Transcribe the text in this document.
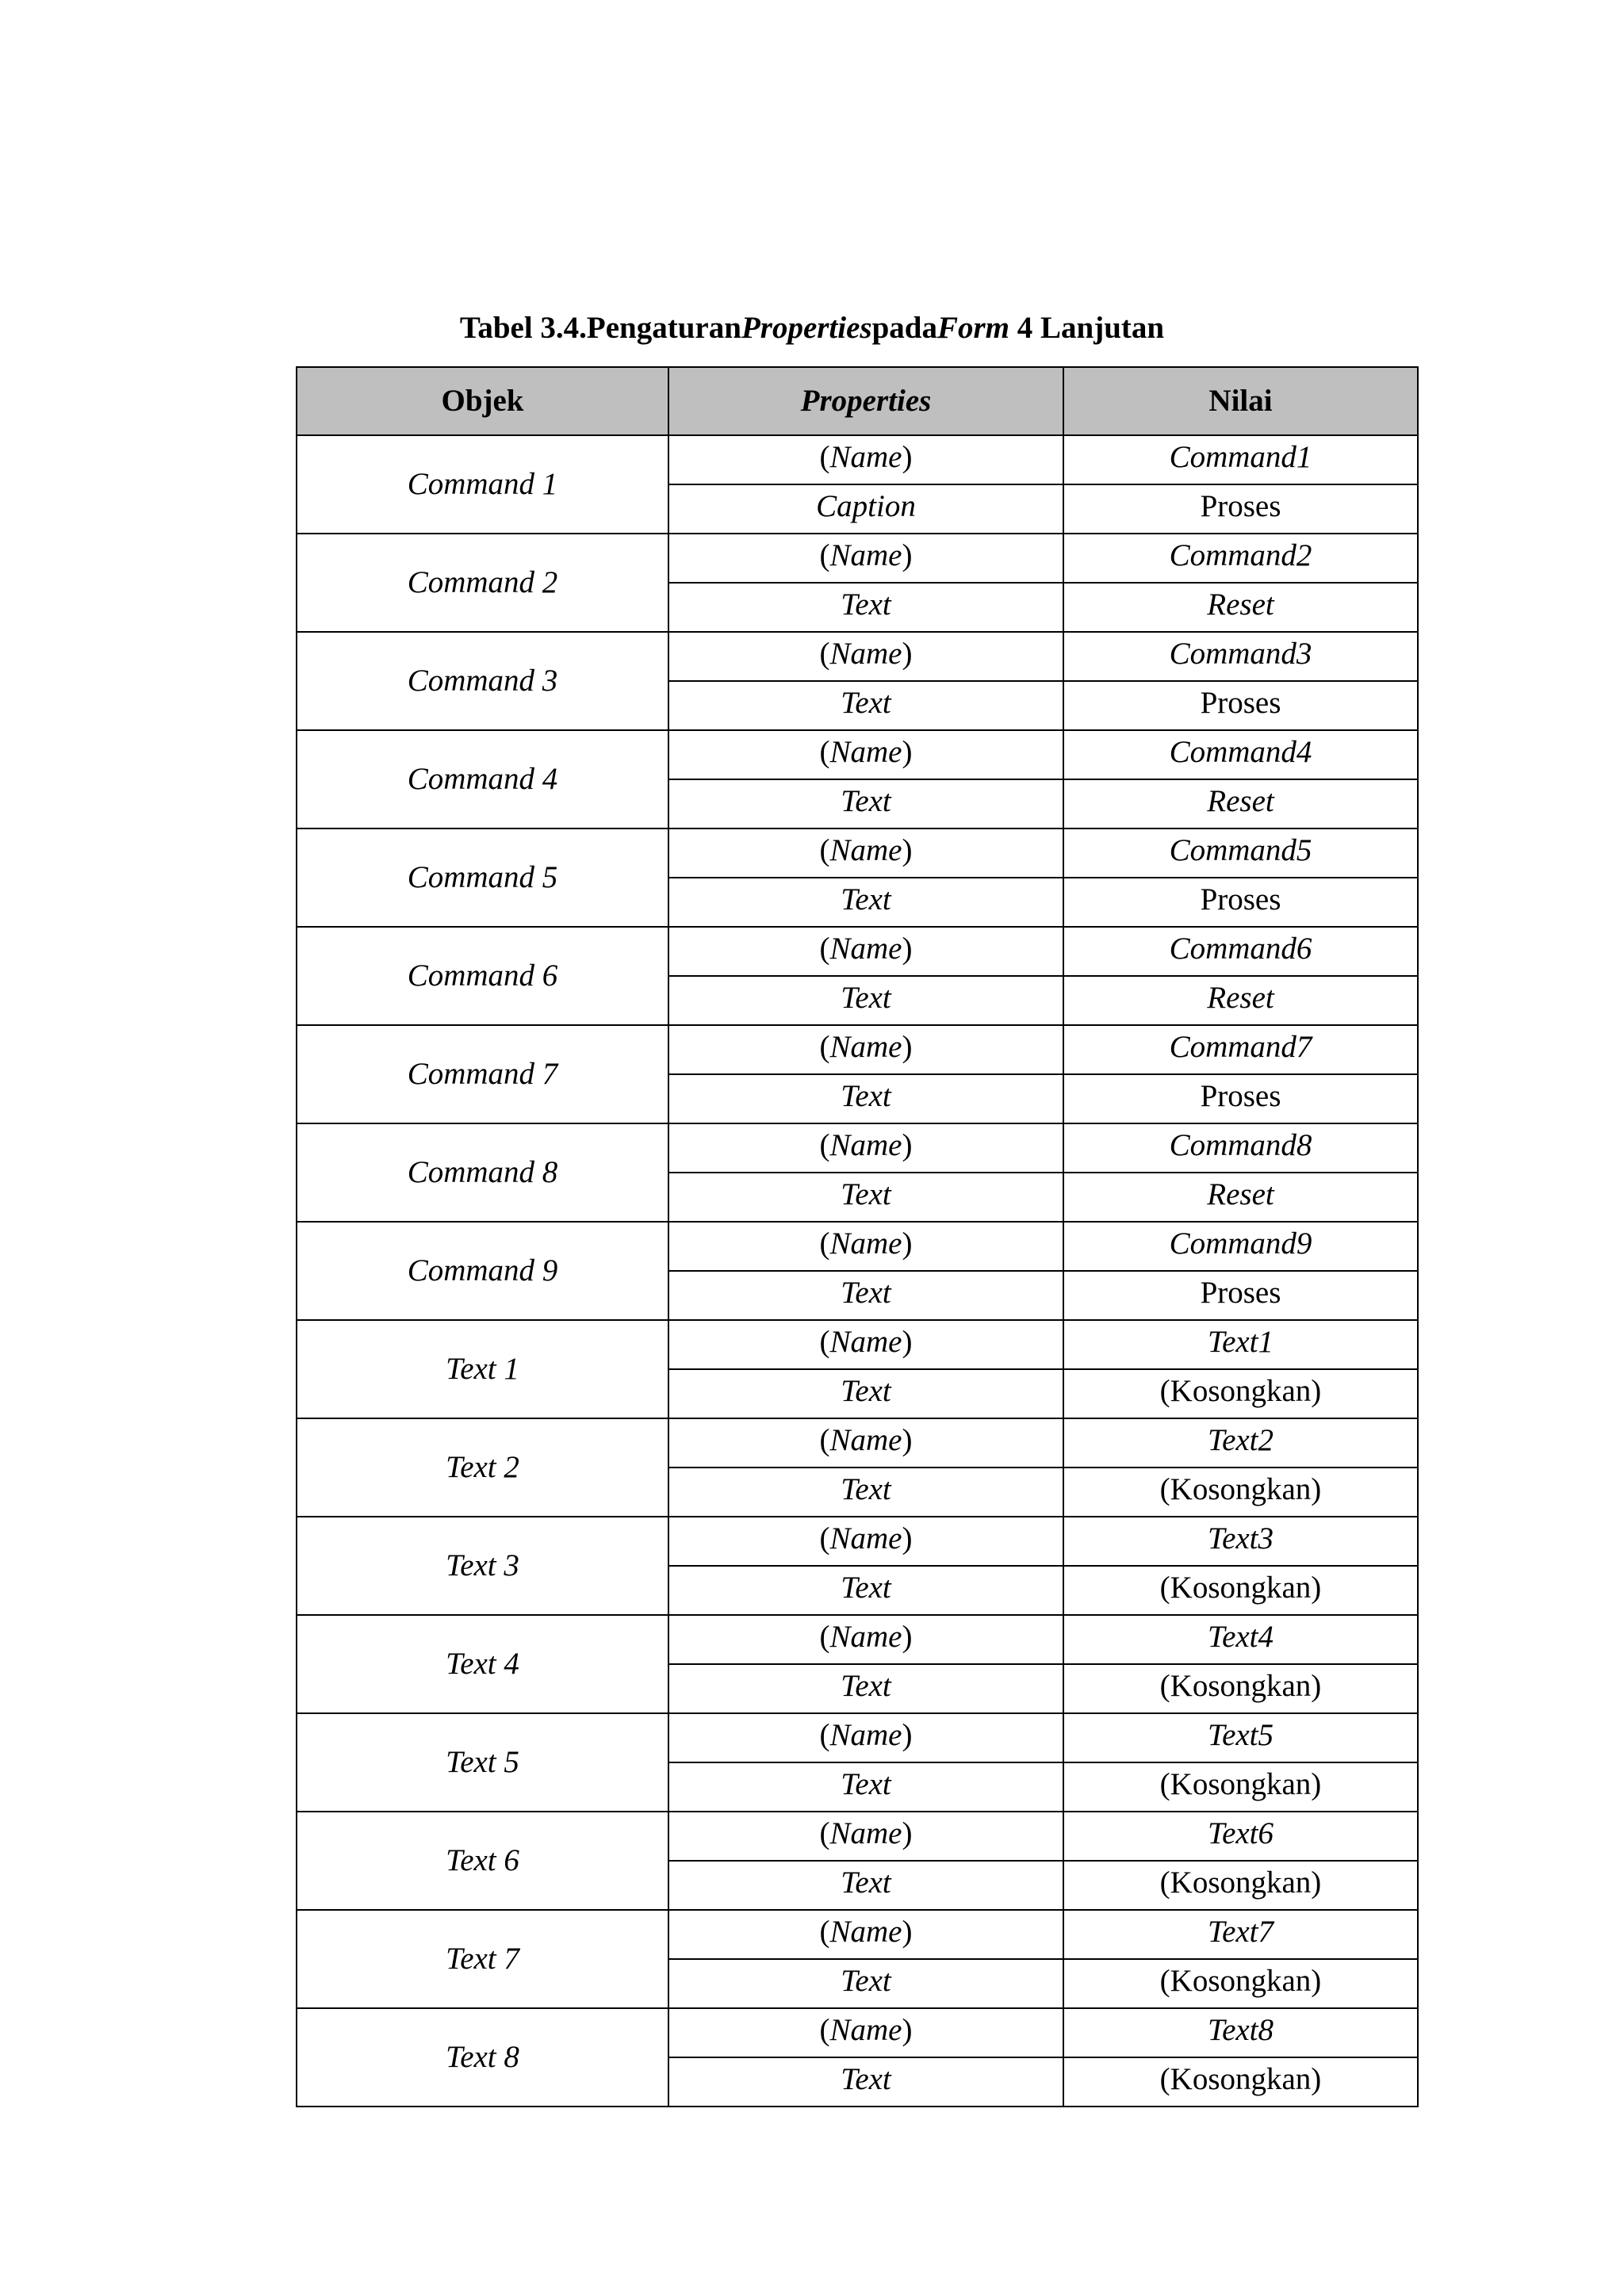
Tabel 3.4.PengaturanPropertiespadaForm 4 Lanjutan
Objek	Properties	Nilai
Command 1	(Name)	Command1
	Caption	Proses
Command 2	(Name)	Command2
	Text	Reset
Command 3	(Name)	Command3
	Text	Proses
Command 4	(Name)	Command4
	Text	Reset
Command 5	(Name)	Command5
	Text	Proses
Command 6	(Name)	Command6
	Text	Reset
Command 7	(Name)	Command7
	Text	Proses
Command 8	(Name)	Command8
	Text	Reset
Command 9	(Name)	Command9
	Text	Proses
Text 1	(Name)	Text1
	Text	(Kosongkan)
Text 2	(Name)	Text2
	Text	(Kosongkan)
Text 3	(Name)	Text3
	Text	(Kosongkan)
Text 4	(Name)	Text4
	Text	(Kosongkan)
Text 5	(Name)	Text5
	Text	(Kosongkan)
Text 6	(Name)	Text6
	Text	(Kosongkan)
Text 7	(Name)	Text7
	Text	(Kosongkan)
Text 8	(Name)	Text8
	Text	(Kosongkan)
